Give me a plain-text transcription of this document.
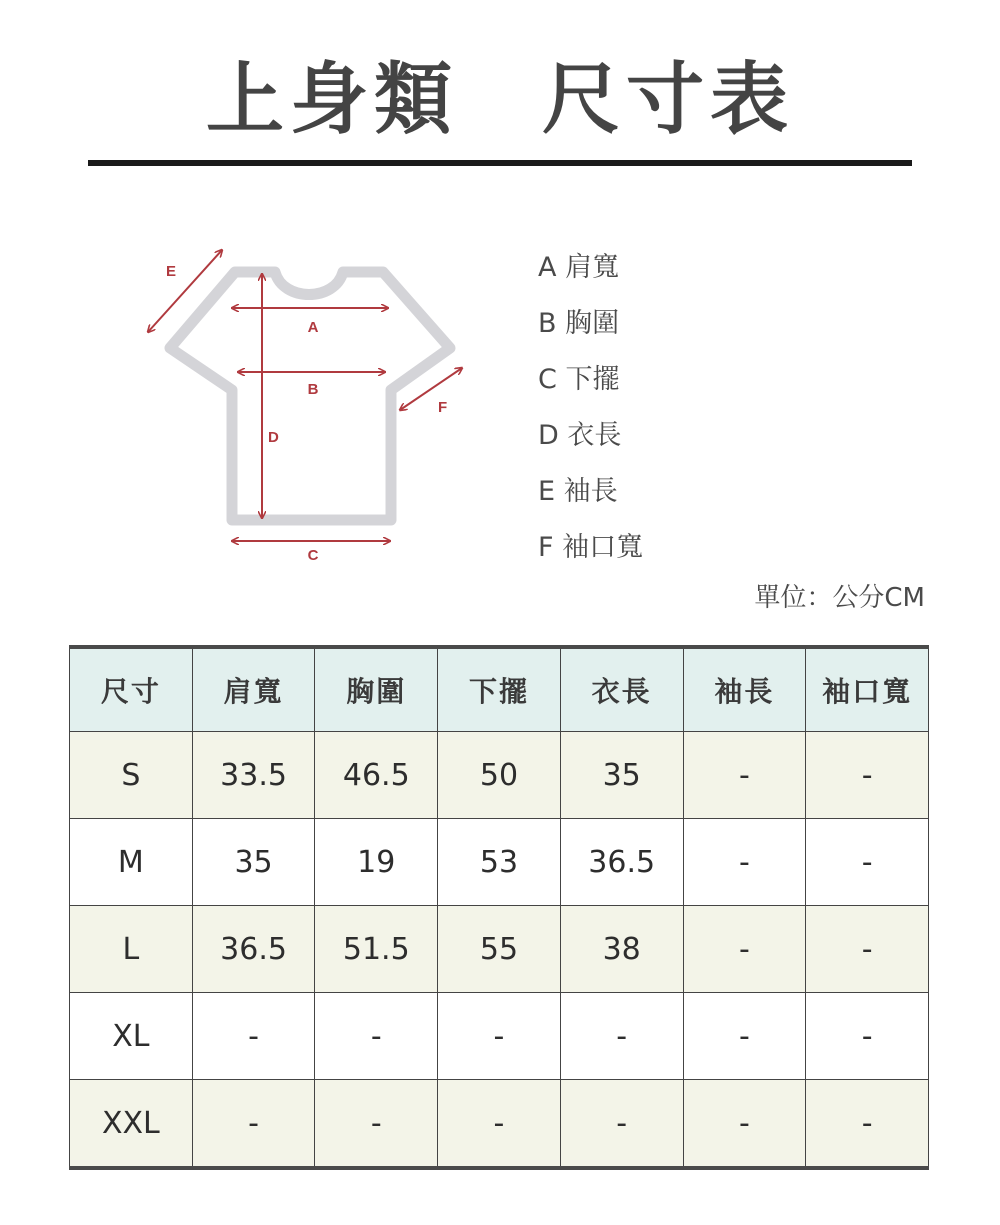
上身類　尺寸表
A
B
C
D
E
F
A 肩寬
B 胸圍
C 下擺
D 衣長
E 袖長
F 袖口寬
單位：公分CM
尺寸	肩寬	胸圍	下擺	衣長	袖長	袖口寬
S	33.5	46.5	50	35	-	-
M	35	19	53	36.5	-	-
L	36.5	51.5	55	38	-	-
XL	-	-	-	-	-	-
XXL	-	-	-	-	-	-
